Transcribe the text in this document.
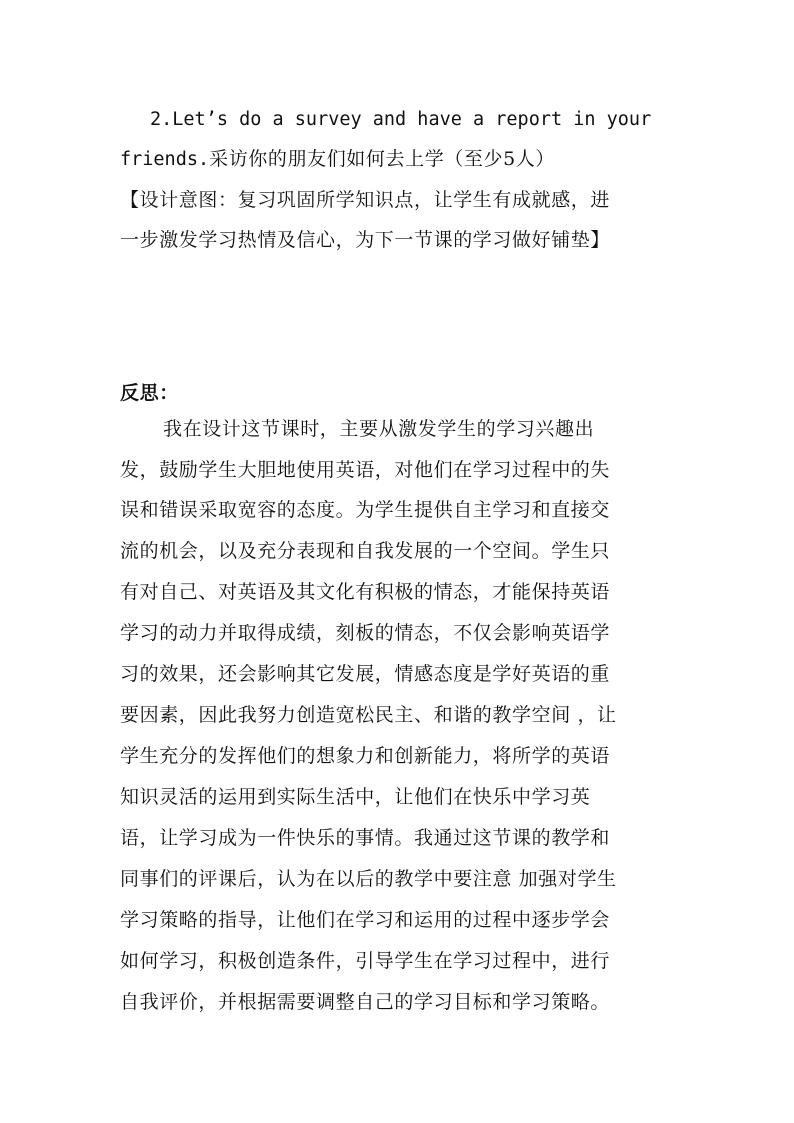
2.Let’s do a survey and have a report in your
friends.采访你的朋友们如何去上学（至少5人）
【设计意图：复习巩固所学知识点，让学生有成就感，进
一步激发学习热情及信心，为下一节课的学习做好铺垫】
反思：
我在设计这节课时，主要从激发学生的学习兴趣出
发，鼓励学生大胆地使用英语，对他们在学习过程中的失
误和错误采取宽容的态度。为学生提供自主学习和直接交
流的机会，以及充分表现和自我发展的一个空间。学生只
有对自己、对英语及其文化有积极的情态，才能保持英语
学习的动力并取得成绩，刻板的情态，不仅会影响英语学
习的效果，还会影响其它发展，情感态度是学好英语的重
要因素，因此我努力创造宽松民主、和谐的教学空间 ，让
学生充分的发挥他们的想象力和创新能力，将所学的英语
知识灵活的运用到实际生活中，让他们在快乐中学习英
语，让学习成为一件快乐的事情。我通过这节课的教学和
同事们的评课后，认为在以后的教学中要注意 加强对学生
学习策略的指导，让他们在学习和运用的过程中逐步学会
如何学习，积极创造条件，引导学生在学习过程中，进行
自我评价，并根据需要调整自己的学习目标和学习策略。
